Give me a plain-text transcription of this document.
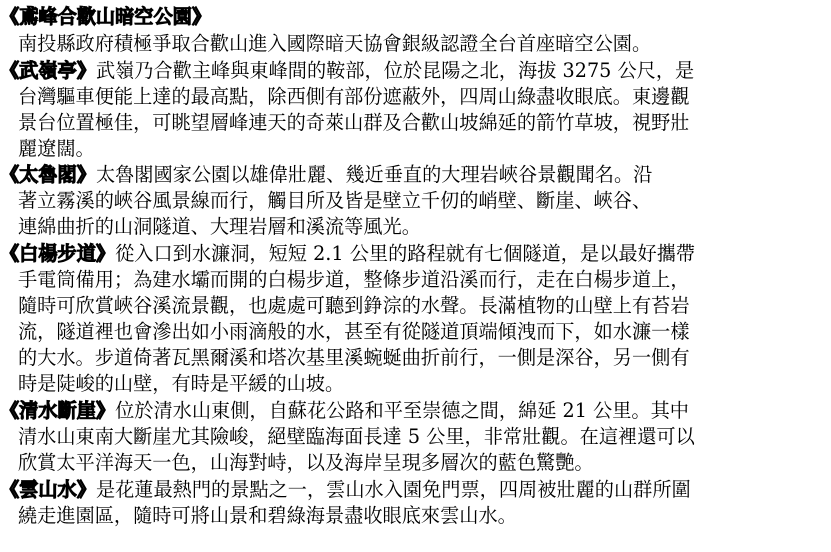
《鳶峰合歡山暗空公園》
南投縣政府積極爭取合歡山進入國際暗天協會銀級認證全台首座暗空公園。
《武嶺亭》武嶺乃合歡主峰與東峰間的鞍部，位於昆陽之北，海拔 3275 公尺，是
台灣驅車便能上達的最高點，除西側有部份遮蔽外，四周山綠盡收眼底。東邊觀
景台位置極佳，可眺望層峰連天的奇萊山群及合歡山坡綿延的箭竹草坡，視野壯
麗遼闊。
《太魯閣》太魯閣國家公園以雄偉壯麗、幾近垂直的大理岩峽谷景觀聞名。沿
著立霧溪的峽谷風景線而行，觸目所及皆是壁立千仞的峭壁、斷崖、峽谷、
連綿曲折的山洞隧道、大理岩層和溪流等風光。
《白楊步道》從入口到水濂洞，短短 2.1 公里的路程就有七個隧道，是以最好攜帶
手電筒備用；為建水壩而開的白楊步道，整條步道沿溪而行，走在白楊步道上，
隨時可欣賞峽谷溪流景觀，也處處可聽到錚淙的水聲。長滿植物的山壁上有苔岩
流，隧道裡也會滲出如小雨滴般的水，甚至有從隧道頂端傾洩而下，如水濂一樣
的大水。步道倚著瓦黑爾溪和塔次基里溪蜿蜒曲折前行，一側是深谷，另一側有
時是陡峻的山壁，有時是平緩的山坡。
《清水斷崖》位於清水山東側，自蘇花公路和平至崇德之間，綿延 21 公里。其中
清水山東南大斷崖尤其險峻，絕壁臨海面長達 5 公里，非常壯觀。在這裡還可以
欣賞太平洋海天一色，山海對峙，以及海岸呈現多層次的藍色驚艷。
《雲山水》是花蓮最熱門的景點之一，雲山水入園免門票，四周被壯麗的山群所圍
繞走進園區，隨時可將山景和碧綠海景盡收眼底來雲山水。
